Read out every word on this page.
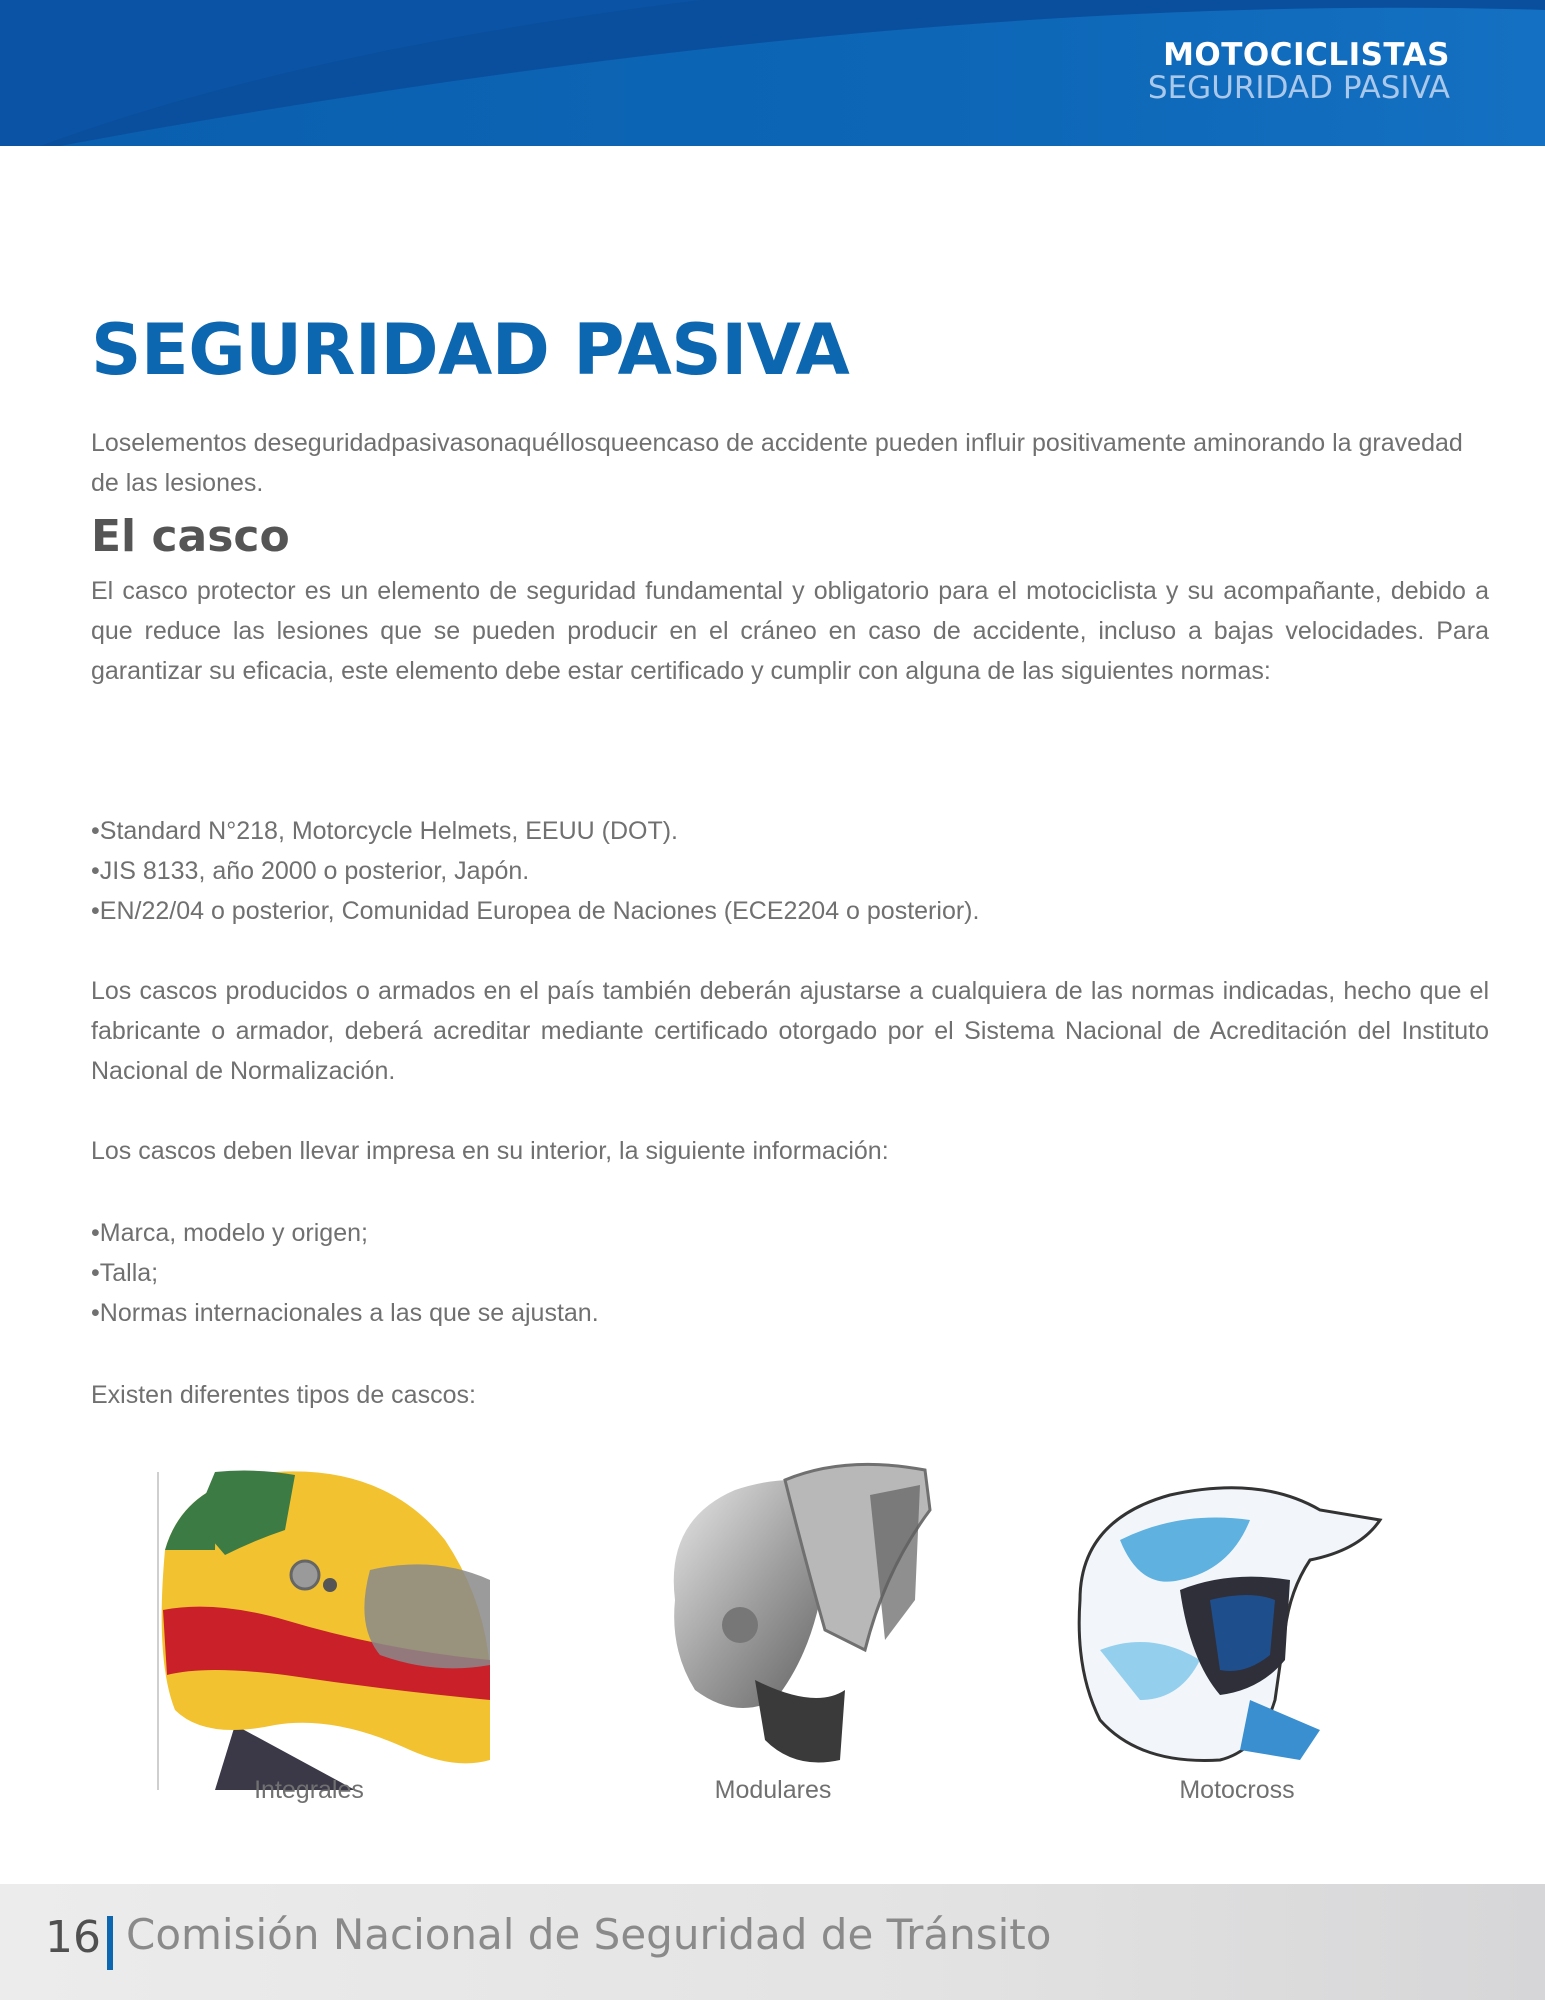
MOTOCICLISTAS
SEGURIDAD PASIVA
SEGURIDAD PASIVA

Loselementos deseguridadpasivasonaquéllosqueencaso de accidente pueden influir positivamente aminorando la gravedad de las lesiones.

El casco

El casco protector es un elemento de seguridad fundamental y obligatorio para el motociclista y su acompañante, debido a que reduce las lesiones que se pueden producir en el cráneo en caso de accidente, incluso a bajas velocidades. Para garantizar su eficacia, este elemento debe estar certificado y cumplir con alguna de las siguientes normas:

• Standard N°218, Motorcycle Helmets, EEUU (DOT).
• JIS 8133, año 2000 o posterior, Japón.
• EN/22/04 o posterior, Comunidad Europea de Naciones (ECE2204 o posterior).

Los cascos producidos o armados en el país también deberán ajustarse a cualquiera de las normas indicadas, hecho que el fabricante o armador, deberá acreditar mediante certificado otorgado por el Sistema Nacional de Acreditación del Instituto Nacional de Normalización.

Los cascos deben llevar impresa en su interior, la siguiente información:

• Marca, modelo y origen;
• Talla;
• Normas internacionales a las que se ajustan.

Existen diferentes tipos de cascos:

Integrales	Modulares	Motocross
16 Comisión Nacional de Seguridad de Tránsito
